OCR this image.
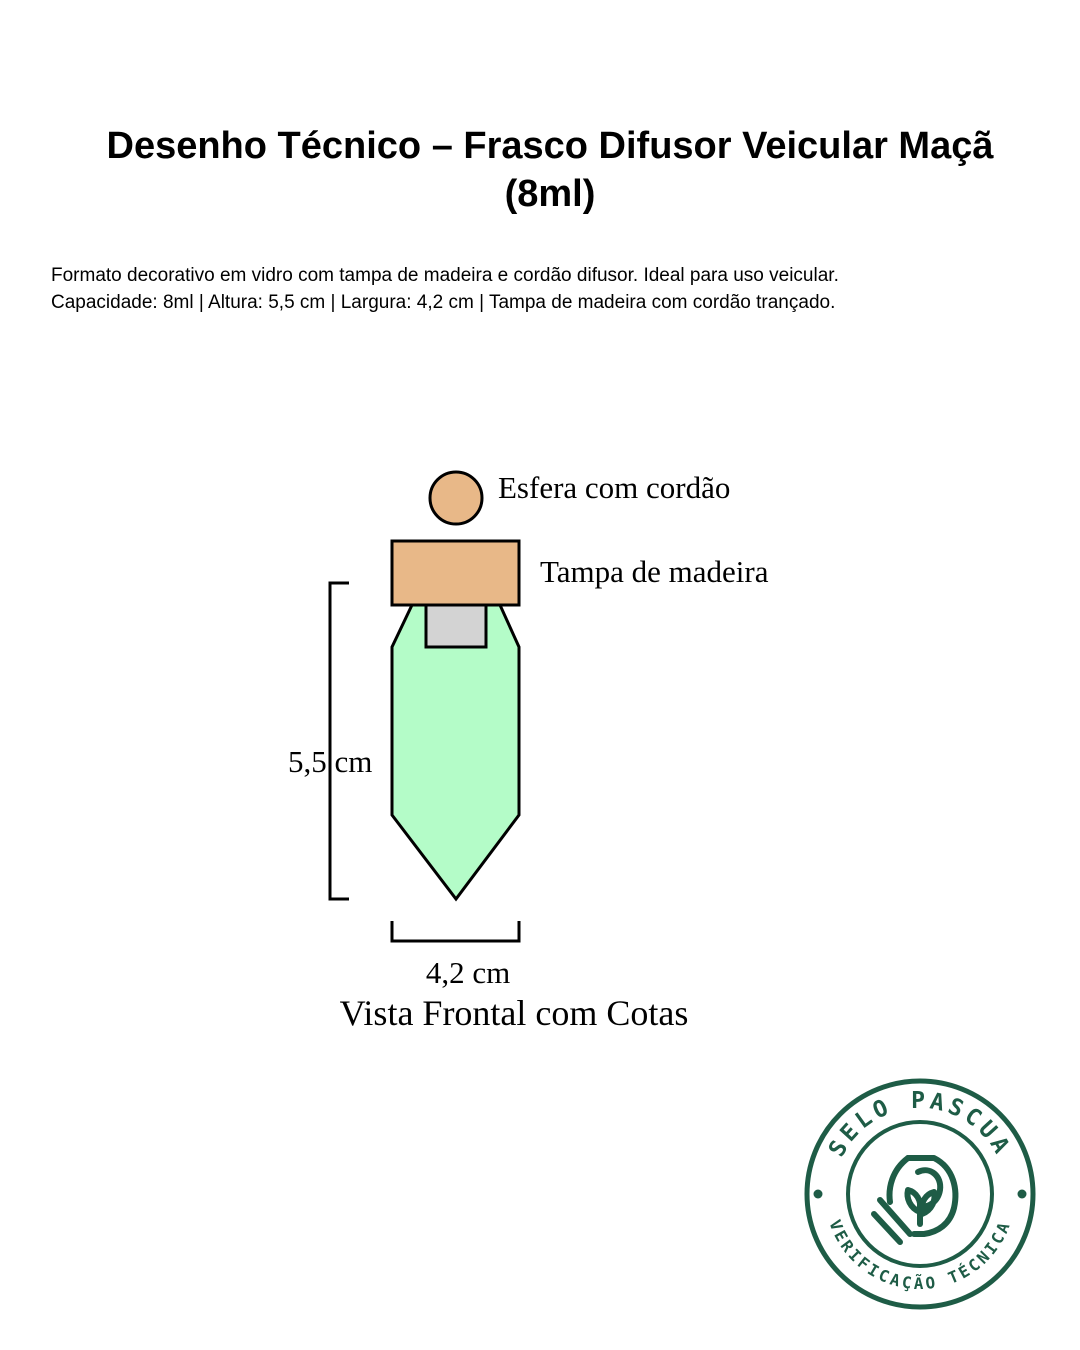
Desenho Técnico – Frasco Difusor Veicular Maçã
(8ml)
Formato decorativo em vidro com tampa de madeira e cordão difusor. Ideal para uso veicular.
Capacidade: 8ml | Altura: 5,5 cm | Largura: 4,2 cm | Tampa de madeira com cordão trançado.
Esfera com cordão
Tampa de madeira
5,5 cm
4,2 cm
Vista Frontal com Cotas
SELO PASCUA
VERIFICAÇÃO TÉCNICA
